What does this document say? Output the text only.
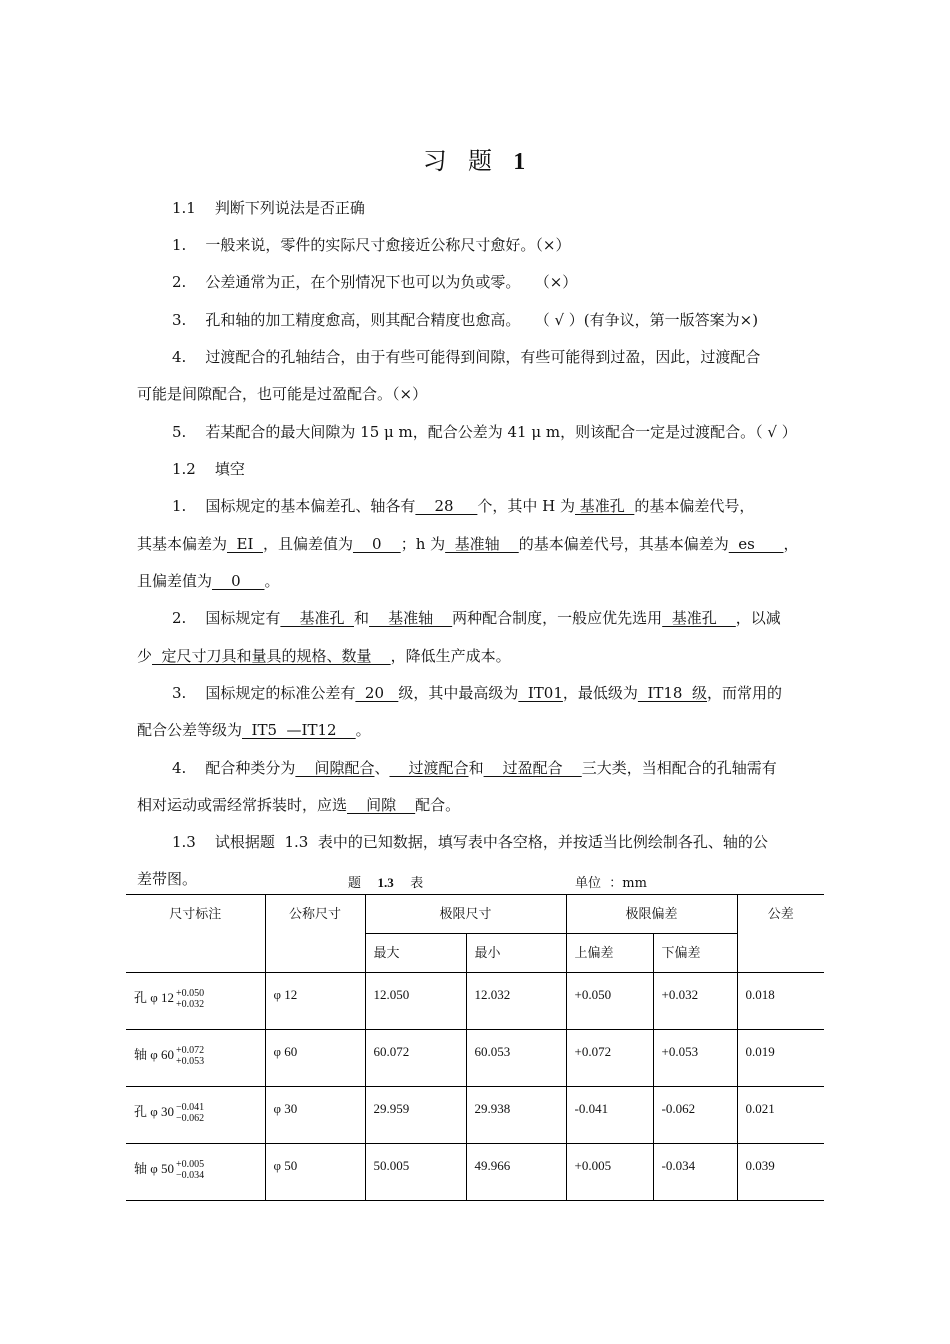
习  题  1
1.1    判断下列说法是否正确
1.    一般来说，零件的实际尺寸愈接近公称尺寸愈好。（×）
2.    公差通常为正，在个别情况下也可以为负或零。   （×）
3.    孔和轴的加工精度愈高，则其配合精度也愈高。   （ √ ）(有争议，第一版答案为×)
4.    过渡配合的孔轴结合，由于有些可能得到间隙，有些可能得到过盈，因此，过渡配合
可能是间隙配合，也可能是过盈配合。（×）
5.    若某配合的最大间隙为 15 μ m，配合公差为 41 μ m，则该配合一定是过渡配合。（ √ ）
1.2    填空
1.    国标规定的基本偏差孔、轴各有    28     个，其中 H 为 基准孔  的基本偏差代号，
其基本偏差为  EI  ，且偏差值为    0    ；h 为  基准轴    的基本偏差代号，其基本偏差为  es      ，
且偏差值为    0     。
2.    国标规定有    基准孔  和    基准轴    两种配合制度，一般应优先选用  基准孔    ，以减
少  定尺寸刀具和量具的规格、数量    ，降低生产成本。
3.    国标规定的标准公差有  20   级，其中最高级为  IT01，最低级为  IT18  级，而常用的
配合公差等级为  IT5  —IT12    。
4.    配合种类分为    间隙配合、    过渡配合和    过盈配合    三大类，当相配合的孔轴需有
相对运动或需经常拆装时，应选    间隙    配合。
1.3    试根据题  1.3  表中的已知数据，填写表中各空格，并按适当比例绘制各孔、轴的公
差带图。	题    1.3    表	单位  ：mm
尺寸标注	公称尺寸	极限尺寸		极限偏差		公差
		最大	最小	上偏差	下偏差	
孔 φ 12 +0.050
+0.032	φ 12	12.050	12.032	+0.050	+0.032	0.018
轴 φ 60 +0.072
+0.053	φ 60	60.072	60.053	+0.072	+0.053	0.019
孔 φ 30 −0.041
−0.062	φ 30	29.959	29.938	-0.041	-0.062	0.021
轴 φ 50 +0.005
−0.034	φ 50	50.005	49.966	+0.005	-0.034	0.039
